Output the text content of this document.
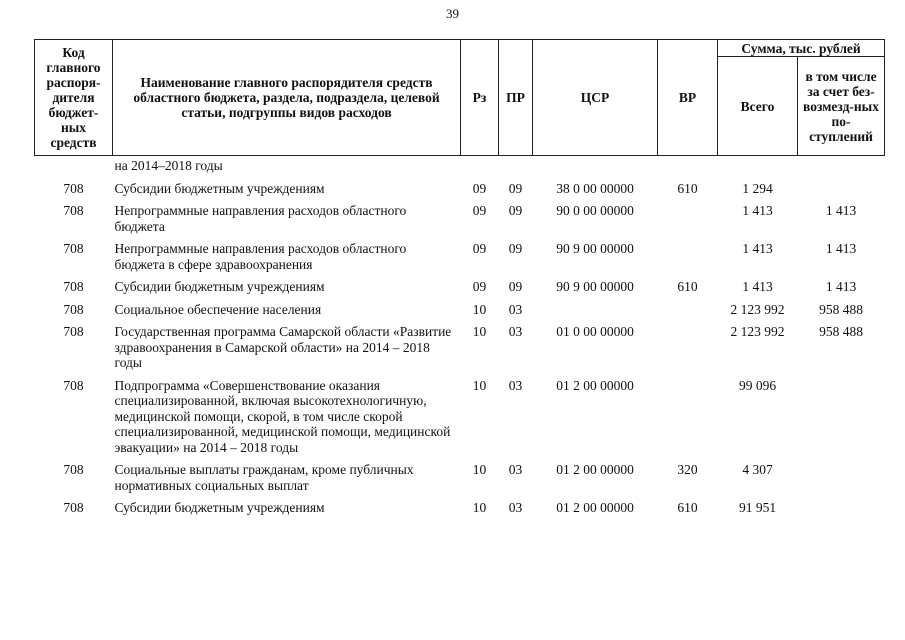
39
Код главного распоря-дителя бюджет-ных средств	Наименование главного распорядителя средств областного бюджета, раздела, подраздела, целевой статьи, подгруппы видов расходов	Рз	ПР	ЦСР	ВР	Сумма, тыс. рублей	
						Всего	в том числе за счет без-возмезд-ных по-ступлений
	на 2014–2018 годы						
708	Субсидии бюджетным учреждениям	09	09	38 0 00 00000	610	1 294	
708	Непрограммные направления расходов областного бюджета	09	09	90 0 00 00000		1 413	1 413
708	Непрограммные направления расходов областного бюджета в сфере здравоохранения	09	09	90 9 00 00000		1 413	1 413
708	Субсидии бюджетным учреждениям	09	09	90 9 00 00000	610	1 413	1 413
708	Социальное обеспечение населения	10	03			2 123 992	958 488
708	Государственная программа Самарской области «Развитие здравоохранения в Самарской области» на 2014 – 2018 годы	10	03	01 0 00 00000		2 123 992	958 488
708	Подпрограмма «Совершенствование оказания специализированной, включая высокотехнологичную, медицинской помощи, скорой, в том числе скорой специализированной, медицинской помощи, медицинской эвакуации» на 2014 – 2018 годы	10	03	01 2 00 00000		99 096	
708	Социальные выплаты гражданам, кроме публичных нормативных социальных выплат	10	03	01 2 00 00000	320	4 307	
708	Субсидии бюджетным учреждениям	10	03	01 2 00 00000	610	91 951	
